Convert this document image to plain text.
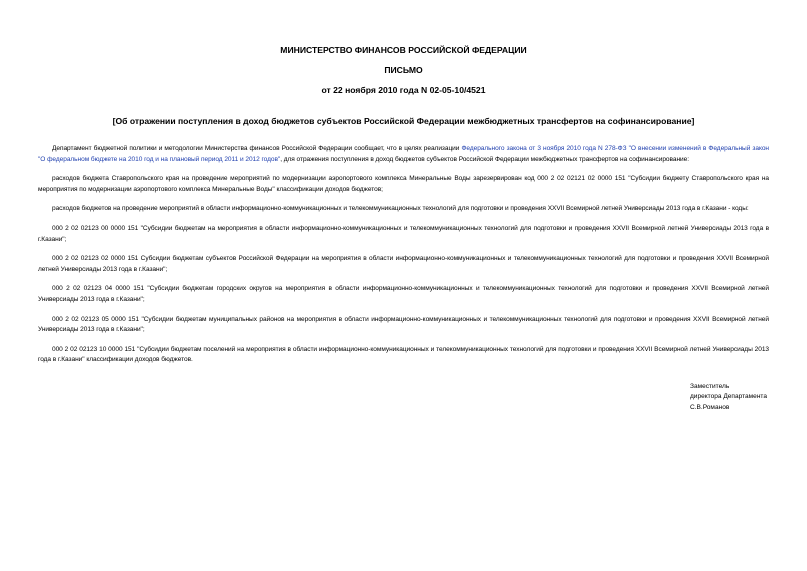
МИНИСТЕРСТВО ФИНАНСОВ РОССИЙСКОЙ ФЕДЕРАЦИИ

ПИСЬМО

от 22 ноября 2010 года N 02-05-10/4521

[Об отражении поступления в доход бюджетов субъектов Российской Федерации межбюджетных трансфертов на софинансирование]

Департамент бюджетной политики и методологии Министерства финансов Российской Федерации сообщает, что в целях реализации Федерального закона от 3 ноября 2010 года N 278-ФЗ "О внесении изменений в Федеральный закон "О федеральном бюджете на 2010 год и на плановый период 2011 и 2012 годов", для отражения поступления в доход бюджетов субъектов Российской Федерации межбюджетных трансфертов на софинансирование:

расходов бюджета Ставропольского края на проведение мероприятий по модернизации аэропортового комплекса Минеральные Воды зарезервирован код 000 2 02 02121 02 0000 151 "Субсидии бюджету Ставропольского края на мероприятия по модернизации аэропортового комплекса Минеральные Воды" классификации доходов бюджетов;

расходов бюджетов на проведение мероприятий в области информационно-коммуникационных и телекоммуникационных технологий для подготовки и проведения XXVII Всемирной летней Универсиады 2013 года в г.Казани - коды:

000 2 02 02123 00 0000 151 "Субсидии бюджетам на мероприятия в области информационно-коммуникационных и телекоммуникационных технологий для подготовки и проведения XXVII Всемирной летней Универсиады 2013 года в г.Казани";

000 2 02 02123 02 0000 151 Субсидии бюджетам субъектов Российской Федерации на мероприятия в области информационно-коммуникационных и телекоммуникационных технологий для подготовки и проведения XXVII Всемирной летней Универсиады 2013 года в г.Казани";

000 2 02 02123 04 0000 151 "Субсидии бюджетам городских округов на мероприятия в области информационно-коммуникационных и телекоммуникационных технологий для подготовки и проведения XXVII Всемирной летней Универсиады 2013 года в г.Казани";

000 2 02 02123 05 0000 151 "Субсидии бюджетам муниципальных районов на мероприятия в области информационно-коммуникационных и телекоммуникационных технологий для подготовки и проведения XXVII Всемирной летней Универсиады 2013 года в г.Казани";

000 2 02 02123 10 0000 151 "Субсидии бюджетам поселений на мероприятия в области информационно-коммуникационных и телекоммуникационных технологий для подготовки и проведения XXVII Всемирной летней Универсиады 2013 года в г.Казани" классификации доходов бюджетов.

Заместитель
директора Департамента
С.В.Романов
